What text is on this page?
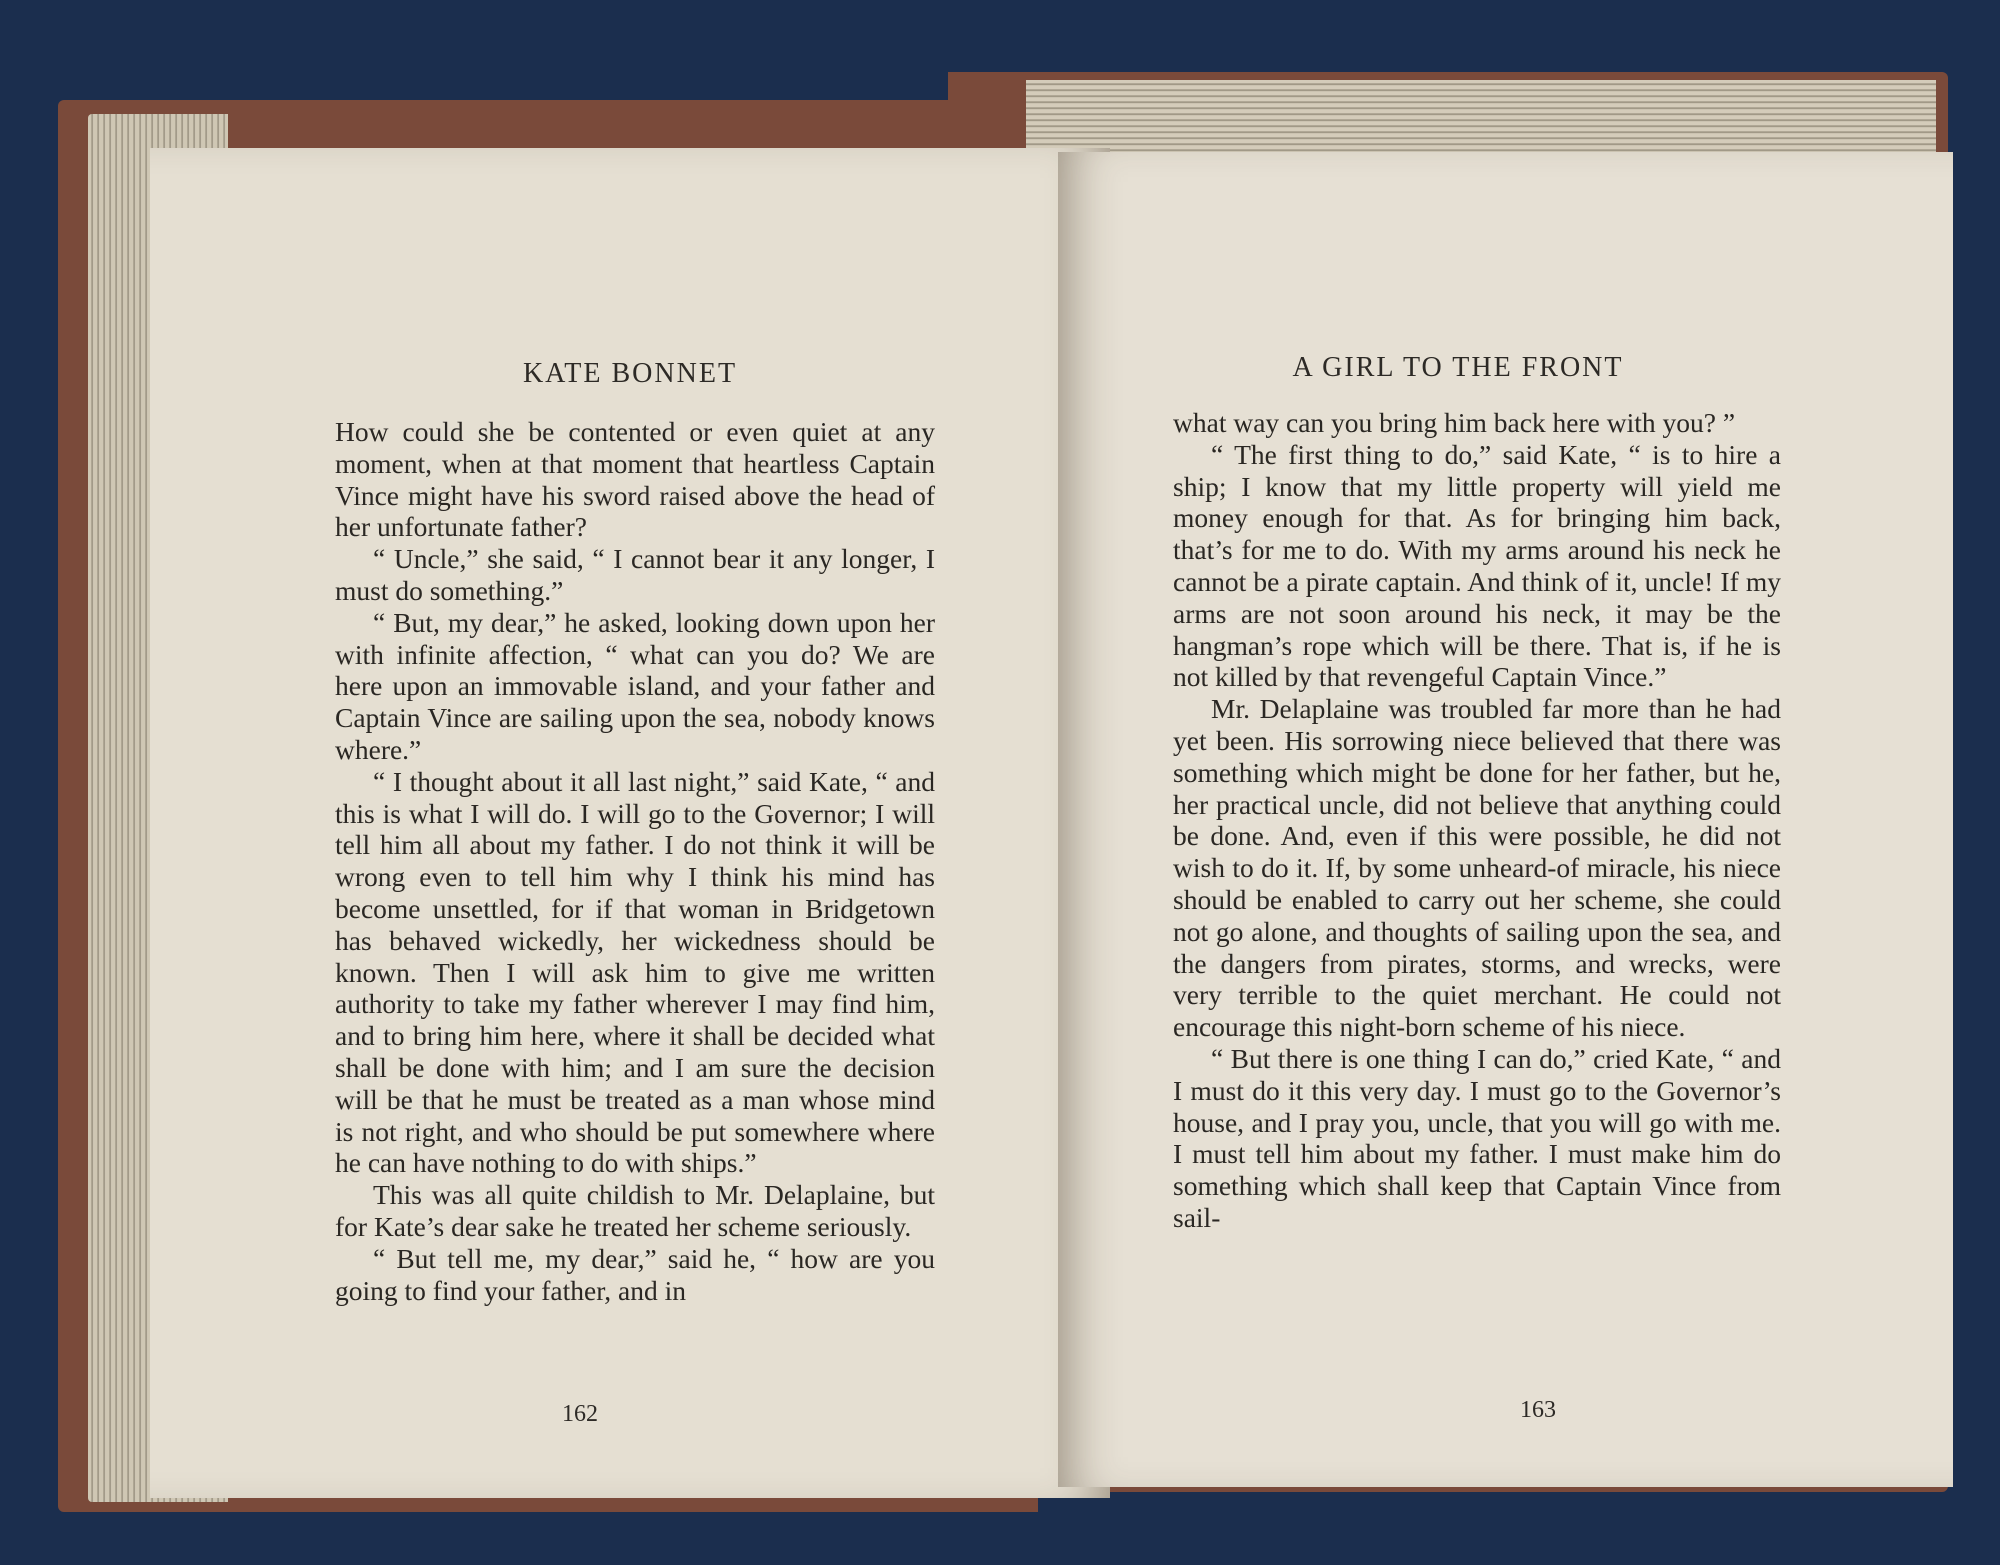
KATE BONNET

How could she be contented or even quiet at any moment, when at that moment that heartless Captain Vince might have his sword raised above the head of her unfortunate father?

“ Uncle,” she said, “ I cannot bear it any longer, I must do something.”

“ But, my dear,” he asked, looking down upon her with infinite affection, “ what can you do? We are here upon an immovable island, and your father and Captain Vince are sailing upon the sea, nobody knows where.”

“ I thought about it all last night,” said Kate, “ and this is what I will do. I will go to the Governor; I will tell him all about my father. I do not think it will be wrong even to tell him why I think his mind has become unsettled, for if that woman in Bridgetown has behaved wickedly, her wickedness should be known. Then I will ask him to give me written authority to take my father wherever I may find him, and to bring him here, where it shall be decided what shall be done with him; and I am sure the decision will be that he must be treated as a man whose mind is not right, and who should be put somewhere where he can have nothing to do with ships.”

This was all quite childish to Mr. Delaplaine, but for Kate’s dear sake he treated her scheme seriously.

“ But tell me, my dear,” said he, “ how are you going to find your father, and in

162
A GIRL TO THE FRONT

what way can you bring him back here with you? ”

“ The first thing to do,” said Kate, “ is to hire a ship; I know that my little property will yield me money enough for that. As for bringing him back, that’s for me to do. With my arms around his neck he cannot be a pirate captain. And think of it, uncle! If my arms are not soon around his neck, it may be the hangman’s rope which will be there. That is, if he is not killed by that revengeful Captain Vince.”

Mr. Delaplaine was troubled far more than he had yet been. His sorrowing niece believed that there was something which might be done for her father, but he, her practical uncle, did not believe that anything could be done. And, even if this were possible, he did not wish to do it. If, by some unheard-of miracle, his niece should be enabled to carry out her scheme, she could not go alone, and thoughts of sailing upon the sea, and the dangers from pirates, storms, and wrecks, were very terrible to the quiet merchant. He could not encourage this night-born scheme of his niece.

“ But there is one thing I can do,” cried Kate, “ and I must do it this very day. I must go to the Governor’s house, and I pray you, uncle, that you will go with me. I must tell him about my father. I must make him do something which shall keep that Captain Vince from sail-

163
